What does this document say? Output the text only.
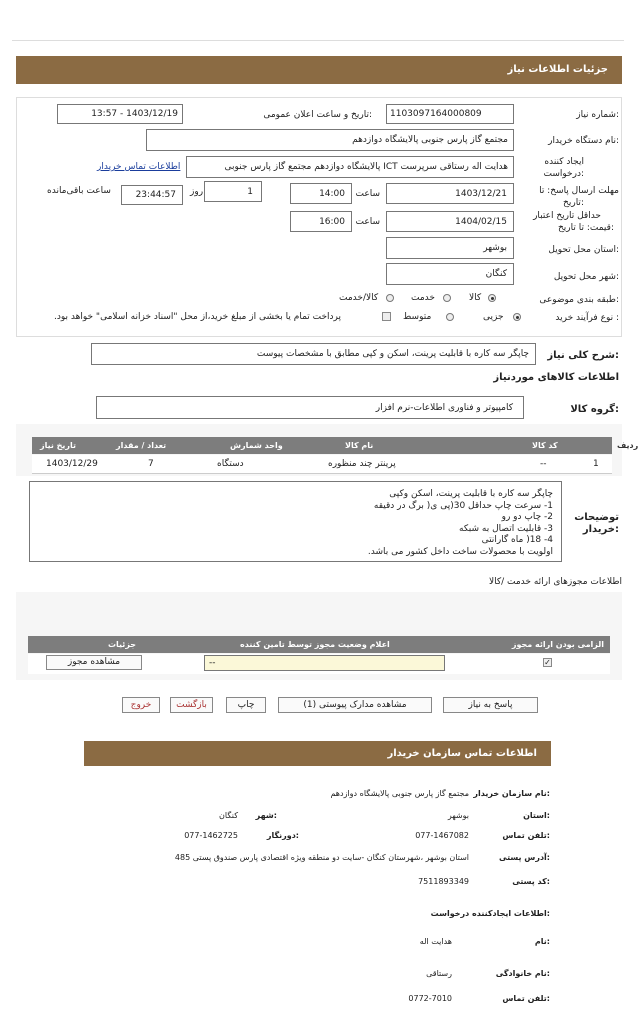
جزئیات اطلاعات نیاز
شماره نیاز:
1103097164000809
تاریخ و ساعت اعلان عمومی:
1403/12/19 - 13:57
نام دستگاه خریدار:
مجتمع گاز پارس جنوبی پالایشگاه دوازدهم
ایجاد کننده
درخواست:
هدایت اله رستاقی سرپرست ICT پالایشگاه دوازدهم مجتمع گاز پارس جنوبی
اطلاعات تماس خریدار
مهلت ارسال پاسخ: تا
تاریخ:
1403/12/21
ساعت
14:00
روز	1
23:44:57
ساعت باقی‌مانده
حداقل تاریخ اعتبار
قیمت: تا تاریخ:
1404/02/15
ساعت
16:00
استان محل تحویل:
بوشهر
شهر محل تحویل:
کنگان
طبقه بندی موضوعی:
کالا
خدمت
کالا/خدمت
نوع فرآیند خرید :
جزیی
متوسط
پرداخت تمام یا بخشی از مبلغ خرید،از محل "اسناد خزانه اسلامی" خواهد بود.
شرح کلی نیاز:
چاپگر سه کاره با قابلیت پرینت، اسکن و کپی مطابق با مشخصات پیوست
اطلاعات کالاهای موردنیاز
گروه کالا:
کامپیوتر و فناوری اطلاعات-نرم افزار
ردیف
کد کالا
نام کالا
واحد شمارش
تعداد / مقدار
تاریخ نیاز
1
--
پرینتر چند منظوره
دستگاه
7
1403/12/29
توضیحات
خریدار:
چاپگر سه کاره با قابلیت پرینت، اسکن وکپی
1- سرعت چاپ حداقل 30(پی ی( برگ در دقیقه
2- چاپ دو رو
3- قابلیت اتصال به شبکه
4- 18( ماه گارانتی
اولویت با محصولات ساخت داخل کشور می باشد.
اطلاعات مجوزهای ارائه خدمت /کالا
الزامی بودن ارائه مجوز
اعلام وضعیت مجوز توسط تامین کننده
جزئیات
✓
--
مشاهده مجوز
پاسخ به نیاز
مشاهده مدارک پیوستی (1)
چاپ
بازگشت
خروج
اطلاعات تماس سازمان خریدار
نام سازمان خریدار:
مجتمع گاز پارس جنوبی پالایشگاه دوازدهم
استان:
بوشهر
شهر:
کنگان
تلفن تماس:
077-1467082
دورنگار:
077-1462725
آدرس پستی:
استان بوشهر ،شهرستان کنگان -سایت دو منطقه ویژه اقتصادی پارس صندوق پستی 485
کد پستی:
7511893349
اطلاعات ایجادکننده درخواست:
نام:
هدایت اله
نام خانوادگی:
رستاقی
تلفن تماس:
0772-7010
